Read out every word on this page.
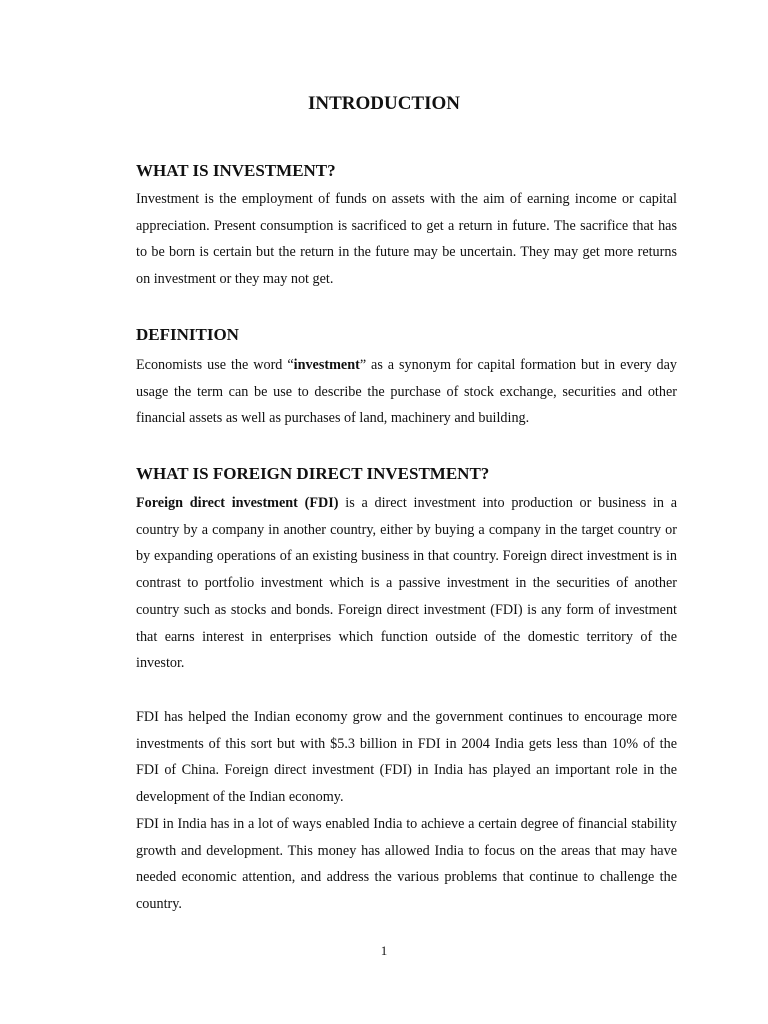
INTRODUCTION
WHAT IS INVESTMENT?

Investment is the employment of funds on assets with the aim of earning income or capital appreciation. Present consumption is sacrificed to get a return in future. The sacrifice that has to be born is certain but the return in the future may be uncertain. They may get more returns on investment or they may not get.

DEFINITION

Economists use the word “investment” as a synonym for capital formation but in every day usage the term can be use to describe the purchase of stock exchange, securities and other financial assets as well as purchases of land, machinery and building.

WHAT IS FOREIGN DIRECT INVESTMENT?

Foreign direct investment (FDI) is a direct investment into production or business in a country by a company in another country, either by buying a company in the target country or by expanding operations of an existing business in that country. Foreign direct investment is in contrast to portfolio investment which is a passive investment in the securities of another country such as stocks and bonds. Foreign direct investment (FDI) is any form of investment that earns interest in enterprises which function outside of the domestic territory of the investor.

FDI has helped the Indian economy grow and the government continues to encourage more investments of this sort but with $5.3 billion in FDI in 2004 India gets less than 10% of the FDI of China. Foreign direct investment (FDI) in India has played an important role in the development of the Indian economy.

FDI in India has in a lot of ways enabled India to achieve a certain degree of financial stability growth and development. This money has allowed India to focus on the areas that may have needed economic attention, and address the various problems that continue to challenge the country.

1
